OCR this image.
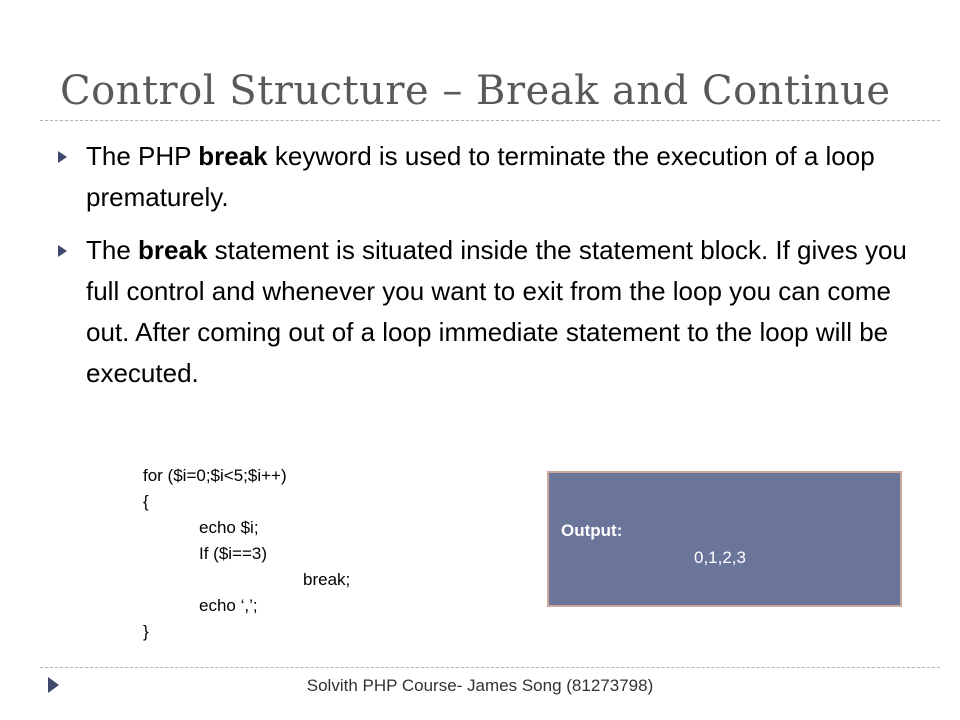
Control Structure – Break and Continue
The PHP break keyword is used to terminate the execution of a loop prematurely.
The break statement is situated inside the statement block. If gives you full control and whenever you want to exit from the loop you can come out. After coming out of a loop immediate statement to the loop will be executed.
for ($i=0;$i<5;$i++)
{
echo $i;
If ($i==3)
break;
echo ‘,’;
}
Output:
0,1,2,3
Solvith PHP Course- James Song (81273798)
